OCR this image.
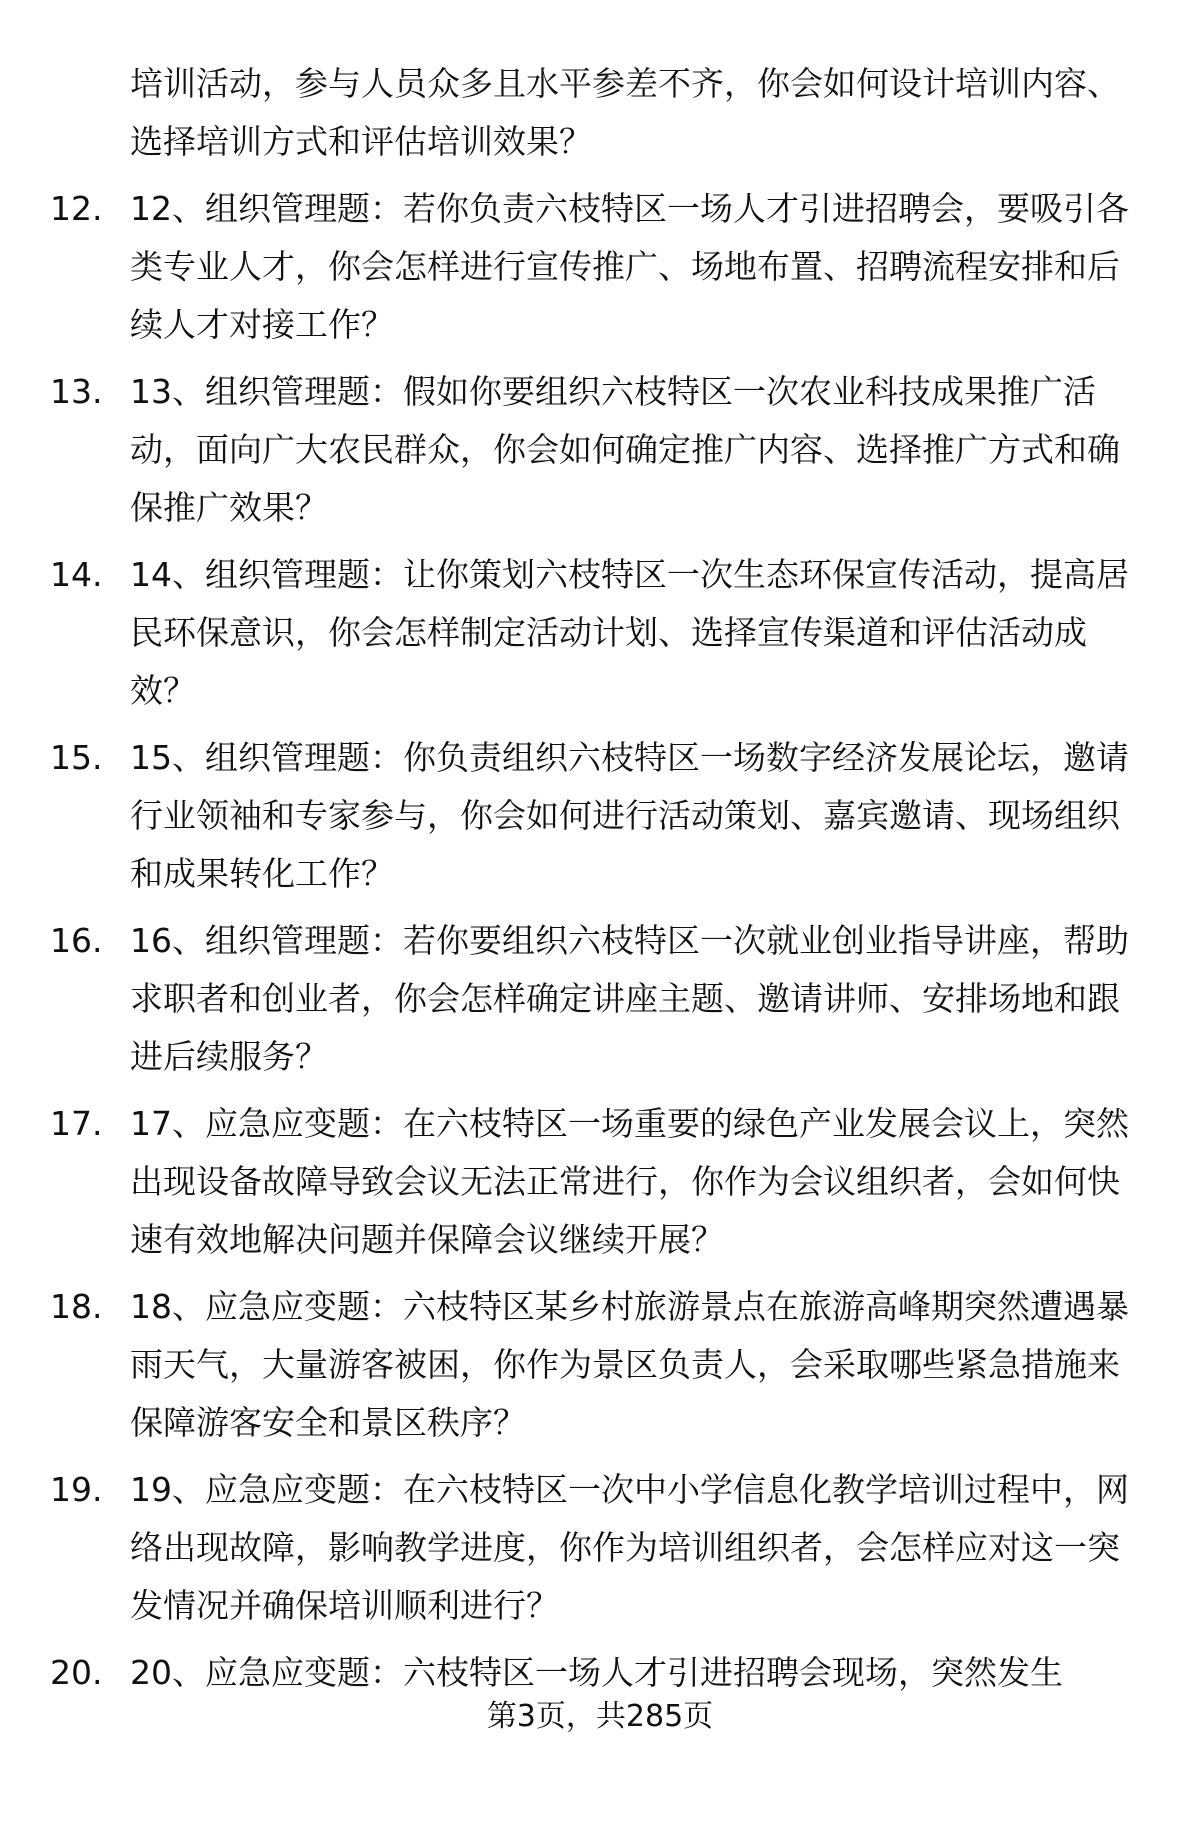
培训活动，参与人员众多且水平参差不齐，你会如何设计培训内容、选择培训方式和评估培训效果？
12. 12、组织管理题：若你负责六枝特区一场人才引进招聘会，要吸引各类专业人才，你会怎样进行宣传推广、场地布置、招聘流程安排和后续人才对接工作？
13. 13、组织管理题：假如你要组织六枝特区一次农业科技成果推广活动，面向广大农民群众，你会如何确定推广内容、选择推广方式和确保推广效果？
14. 14、组织管理题：让你策划六枝特区一次生态环保宣传活动，提高居民环保意识，你会怎样制定活动计划、选择宣传渠道和评估活动成效？
15. 15、组织管理题：你负责组织六枝特区一场数字经济发展论坛，邀请行业领袖和专家参与，你会如何进行活动策划、嘉宾邀请、现场组织和成果转化工作？
16. 16、组织管理题：若你要组织六枝特区一次就业创业指导讲座，帮助求职者和创业者，你会怎样确定讲座主题、邀请讲师、安排场地和跟进后续服务？
17. 17、应急应变题：在六枝特区一场重要的绿色产业发展会议上，突然出现设备故障导致会议无法正常进行，你作为会议组织者，会如何快速有效地解决问题并保障会议继续开展？
18. 18、应急应变题：六枝特区某乡村旅游景点在旅游高峰期突然遭遇暴雨天气，大量游客被困，你作为景区负责人，会采取哪些紧急措施来保障游客安全和景区秩序？
19. 19、应急应变题：在六枝特区一次中小学信息化教学培训过程中，网络出现故障，影响教学进度，你作为培训组织者，会怎样应对这一突发情况并确保培训顺利进行？
20. 20、应急应变题：六枝特区一场人才引进招聘会现场，突然发生
第3页，共285页
